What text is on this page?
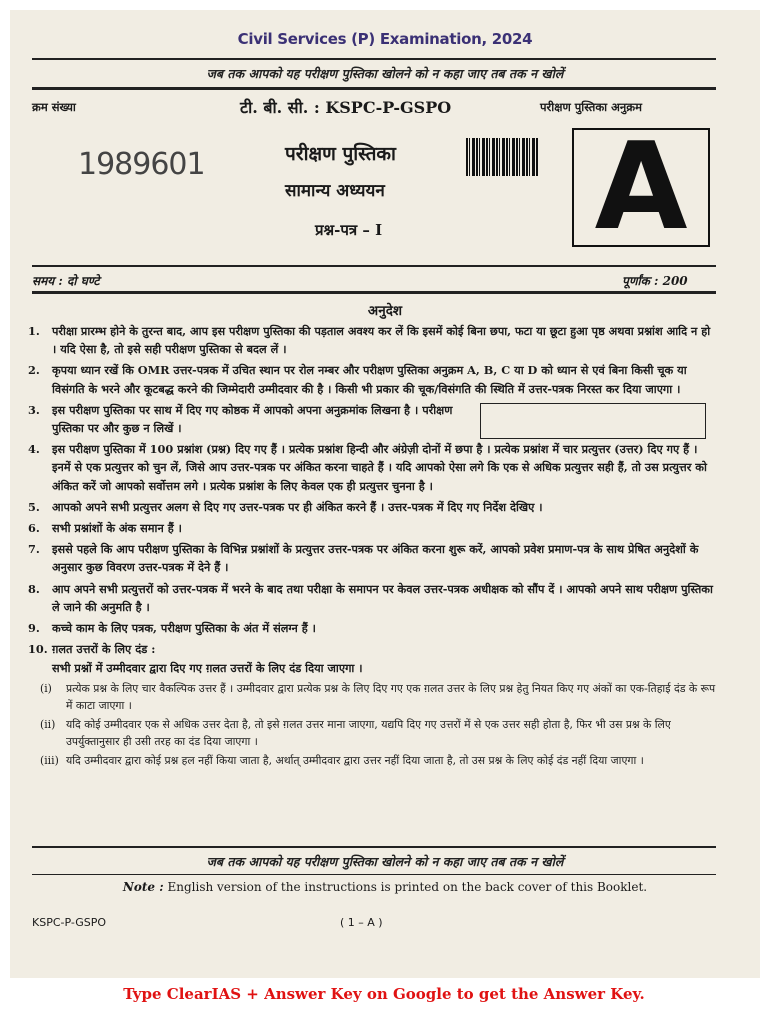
Civil Services (P) Examination, 2024
जब तक आपको यह परीक्षण पुस्तिका खोलने को न कहा जाए तब तक न खोलें
क्रम संख्या	टी. बी. सी. : KSPC-P-GSPO	परीक्षण पुस्तिका अनुक्रम
1989601	परीक्षण पुस्तिका
सामान्य अध्ययन
प्रश्न-पत्र – I A
समय : दो घण्टे	पूर्णांक : 200
अनुदेश
1. परीक्षा प्रारम्भ होने के तुरन्त बाद, आप इस परीक्षण पुस्तिका की पड़ताल अवश्य कर लें कि इसमें कोई बिना छपा, फटा या छूटा हुआ पृष्ठ अथवा प्रश्नांश आदि न हो । यदि ऐसा है, तो इसे सही परीक्षण पुस्तिका से बदल लें ।
2. कृपया ध्यान रखें कि OMR उत्तर-पत्रक में उचित स्थान पर रोल नम्बर और परीक्षण पुस्तिका अनुक्रम A, B, C या D को ध्यान से एवं बिना किसी चूक या विसंगति के भरने और कूटबद्ध करने की जिम्मेदारी उम्मीदवार की है । किसी भी प्रकार की चूक/विसंगति की स्थिति में उत्तर-पत्रक निरस्त कर दिया जाएगा ।
3. इस परीक्षण पुस्तिका पर साथ में दिए गए कोष्ठक में आपको अपना अनुक्रमांक लिखना है । परीक्षण पुस्तिका पर और कुछ न लिखें ।
4. इस परीक्षण पुस्तिका में 100 प्रश्नांश (प्रश्न) दिए गए हैं । प्रत्येक प्रश्नांश हिन्दी और अंग्रेज़ी दोनों में छपा है । प्रत्येक प्रश्नांश में चार प्रत्युत्तर (उत्तर) दिए गए हैं । इनमें से एक प्रत्युत्तर को चुन लें, जिसे आप उत्तर-पत्रक पर अंकित करना चाहते हैं । यदि आपको ऐसा लगे कि एक से अधिक प्रत्युत्तर सही हैं, तो उस प्रत्युत्तर को अंकित करें जो आपको सर्वोत्तम लगे । प्रत्येक प्रश्नांश के लिए केवल एक ही प्रत्युत्तर चुनना है ।
5. आपको अपने सभी प्रत्युत्तर अलग से दिए गए उत्तर-पत्रक पर ही अंकित करने हैं । उत्तर-पत्रक में दिए गए निर्देश देखिए ।
6. सभी प्रश्नांशों के अंक समान हैं ।
7. इससे पहले कि आप परीक्षण पुस्तिका के विभिन्न प्रश्नांशों के प्रत्युत्तर उत्तर-पत्रक पर अंकित करना शुरू करें, आपको प्रवेश प्रमाण-पत्र के साथ प्रेषित अनुदेशों के अनुसार कुछ विवरण उत्तर-पत्रक में देने हैं ।
8. आप अपने सभी प्रत्युत्तरों को उत्तर-पत्रक में भरने के बाद तथा परीक्षा के समापन पर केवल उत्तर-पत्रक अधीक्षक को सौंप दें । आपको अपने साथ परीक्षण पुस्तिका ले जाने की अनुमति है ।
9. कच्चे काम के लिए पत्रक, परीक्षण पुस्तिका के अंत में संलग्न हैं ।
10. ग़लत उत्तरों के लिए दंड :
सभी प्रश्नों में उम्मीदवार द्वारा दिए गए ग़लत उत्तरों के लिए दंड दिया जाएगा ।
(i) प्रत्येक प्रश्न के लिए चार वैकल्पिक उत्तर हैं । उम्मीदवार द्वारा प्रत्येक प्रश्न के लिए दिए गए एक ग़लत उत्तर के लिए प्रश्न हेतु नियत किए गए अंकों का एक-तिहाई दंड के रूप में काटा जाएगा ।
(ii) यदि कोई उम्मीदवार एक से अधिक उत्तर देता है, तो इसे ग़लत उत्तर माना जाएगा, यद्यपि दिए गए उत्तरों में से एक उत्तर सही होता है, फिर भी उस प्रश्न के लिए उपर्युक्तानुसार ही उसी तरह का दंड दिया जाएगा ।
(iii) यदि उम्मीदवार द्वारा कोई प्रश्न हल नहीं किया जाता है, अर्थात् उम्मीदवार द्वारा उत्तर नहीं दिया जाता है, तो उस प्रश्न के लिए कोई दंड नहीं दिया जाएगा ।
जब तक आपको यह परीक्षण पुस्तिका खोलने को न कहा जाए तब तक न खोलें
Note : English version of the instructions is printed on the back cover of this Booklet.
KSPC-P-GSPO	( 1 – A )
Type ClearIAS + Answer Key on Google to get the Answer Key.
